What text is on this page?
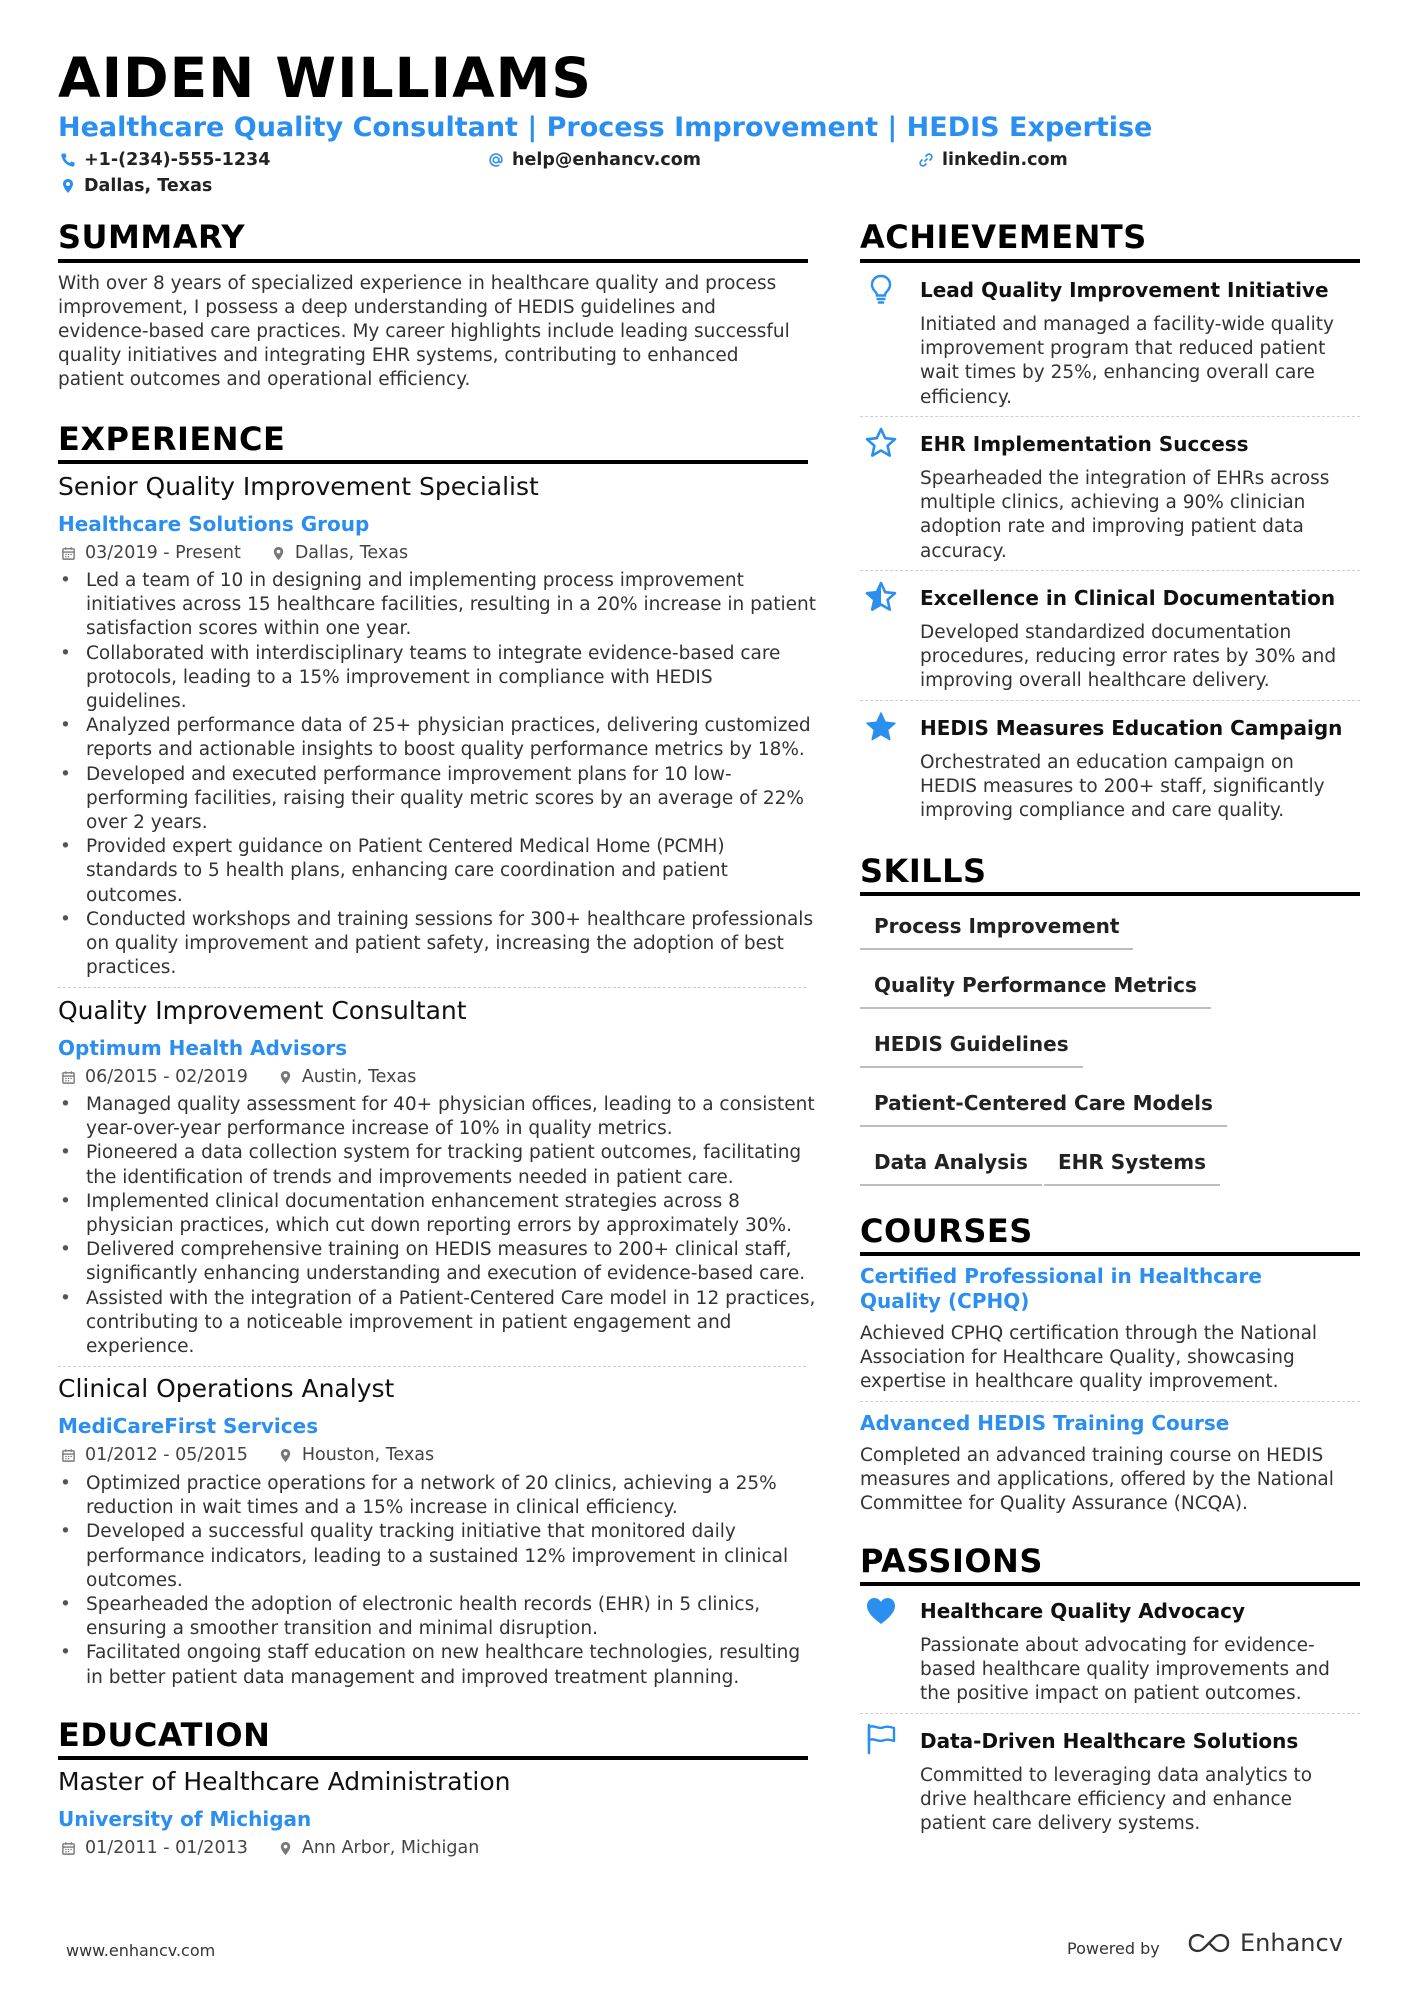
AIDEN WILLIAMS
Healthcare Quality Consultant | Process Improvement | HEDIS Expertise
+1-(234)-555-1234	help@enhancv.com	linkedin.com
Dallas, Texas
SUMMARY
With over 8 years of specialized experience in healthcare quality and process improvement, I possess a deep understanding of HEDIS guidelines and evidence-based care practices. My career highlights include leading successful quality initiatives and integrating EHR systems, contributing to enhanced patient outcomes and operational efficiency.
EXPERIENCE
Senior Quality Improvement Specialist
Healthcare Solutions Group
03/2019 - Present	Dallas, Texas
• Led a team of 10 in designing and implementing process improvement initiatives across 15 healthcare facilities, resulting in a 20% increase in patient satisfaction scores within one year.
• Collaborated with interdisciplinary teams to integrate evidence-based care protocols, leading to a 15% improvement in compliance with HEDIS guidelines.
• Analyzed performance data of 25+ physician practices, delivering customized reports and actionable insights to boost quality performance metrics by 18%.
• Developed and executed performance improvement plans for 10 low-performing facilities, raising their quality metric scores by an average of 22% over 2 years.
• Provided expert guidance on Patient Centered Medical Home (PCMH) standards to 5 health plans, enhancing care coordination and patient outcomes.
• Conducted workshops and training sessions for 300+ healthcare professionals on quality improvement and patient safety, increasing the adoption of best practices.
Quality Improvement Consultant
Optimum Health Advisors
06/2015 - 02/2019	Austin, Texas
• Managed quality assessment for 40+ physician offices, leading to a consistent year-over-year performance increase of 10% in quality metrics.
• Pioneered a data collection system for tracking patient outcomes, facilitating the identification of trends and improvements needed in patient care.
• Implemented clinical documentation enhancement strategies across 8 physician practices, which cut down reporting errors by approximately 30%.
• Delivered comprehensive training on HEDIS measures to 200+ clinical staff, significantly enhancing understanding and execution of evidence-based care.
• Assisted with the integration of a Patient-Centered Care model in 12 practices, contributing to a noticeable improvement in patient engagement and experience.
Clinical Operations Analyst
MediCareFirst Services
01/2012 - 05/2015	Houston, Texas
• Optimized practice operations for a network of 20 clinics, achieving a 25% reduction in wait times and a 15% increase in clinical efficiency.
• Developed a successful quality tracking initiative that monitored daily performance indicators, leading to a sustained 12% improvement in clinical outcomes.
• Spearheaded the adoption of electronic health records (EHR) in 5 clinics, ensuring a smoother transition and minimal disruption.
• Facilitated ongoing staff education on new healthcare technologies, resulting in better patient data management and improved treatment planning.
EDUCATION
Master of Healthcare Administration
University of Michigan
01/2011 - 01/2013	Ann Arbor, Michigan
ACHIEVEMENTS
Lead Quality Improvement Initiative
Initiated and managed a facility-wide quality improvement program that reduced patient wait times by 25%, enhancing overall care efficiency.
EHR Implementation Success
Spearheaded the integration of EHRs across multiple clinics, achieving a 90% clinician adoption rate and improving patient data accuracy.
Excellence in Clinical Documentation
Developed standardized documentation procedures, reducing error rates by 30% and improving overall healthcare delivery.
HEDIS Measures Education Campaign
Orchestrated an education campaign on HEDIS measures to 200+ staff, significantly improving compliance and care quality.
SKILLS
Process Improvement
Quality Performance Metrics
HEDIS Guidelines
Patient-Centered Care Models
Data Analysis	EHR Systems
COURSES
Certified Professional in Healthcare Quality (CPHQ)
Achieved CPHQ certification through the National Association for Healthcare Quality, showcasing expertise in healthcare quality improvement.
Advanced HEDIS Training Course
Completed an advanced training course on HEDIS measures and applications, offered by the National Committee for Quality Assurance (NCQA).
PASSIONS
Healthcare Quality Advocacy
Passionate about advocating for evidence-based healthcare quality improvements and the positive impact on patient outcomes.
Data-Driven Healthcare Solutions
Committed to leveraging data analytics to drive healthcare efficiency and enhance patient care delivery systems.
www.enhancv.com	Powered by	Enhancv
